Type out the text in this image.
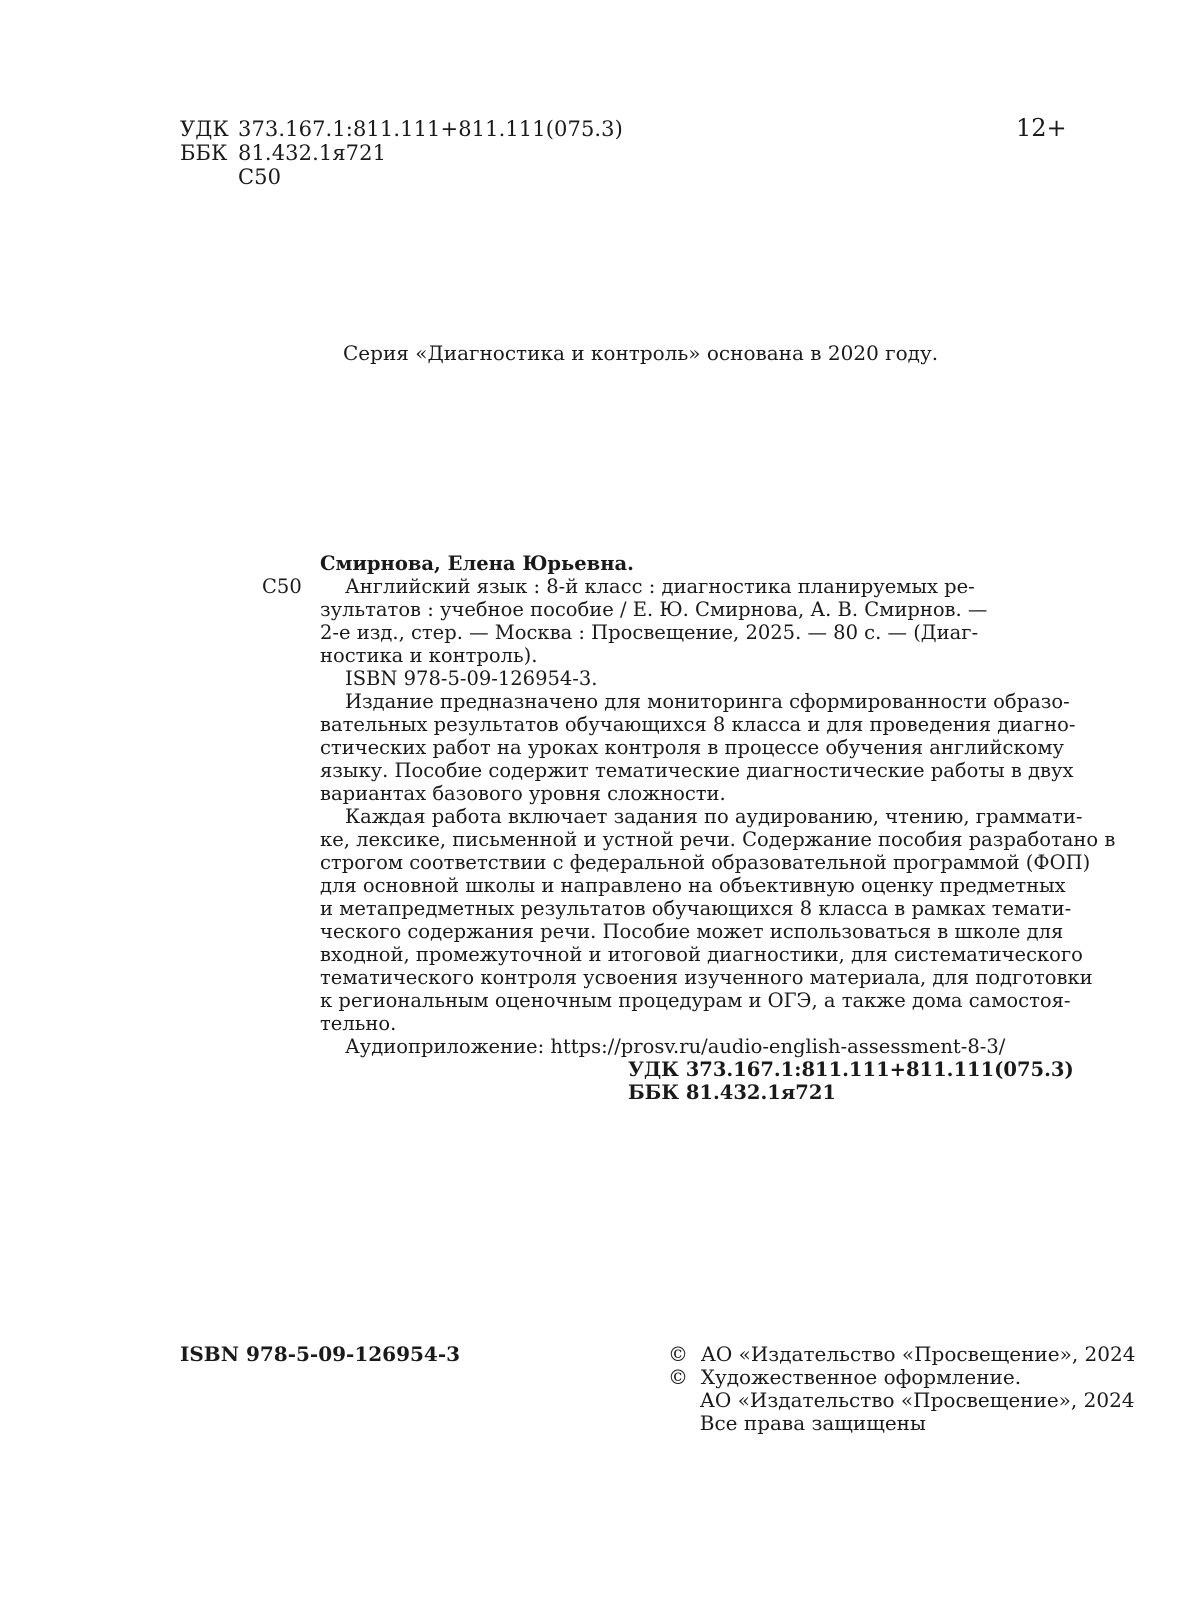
УДК 373.167.1:811.111+811.111(075.3)
ББК 81.432.1я721
С50
12+
Серия «Диагностика и контроль» основана в 2020 году.
Смирнова, Елена Юрьевна.
С50 Английский язык : 8-й класс : диагностика планируемых ре-
зультатов : учебное пособие / Е. Ю. Смирнова, А. В. Смирнов. —
2-е изд., стер. — Москва : Просвещение, 2025. — 80 с. — (Диаг-
ностика и контроль).
ISBN 978-5-09-126954-3.
Издание предназначено для мониторинга сформированности образо-
вательных результатов обучающихся 8 класса и для проведения диагно-
стических работ на уроках контроля в процессе обучения английскому
языку. Пособие содержит тематические диагностические работы в двух
вариантах базового уровня сложности.
Каждая работа включает задания по аудированию, чтению, граммати-
ке, лексике, письменной и устной речи. Содержание пособия разработано в
строгом соответствии с федеральной образовательной программой (ФОП)
для основной школы и направлено на объективную оценку предметных
и метапредметных результатов обучающихся 8 класса в рамках темати-
ческого содержания речи. Пособие может использоваться в школе для
входной, промежуточной и итоговой диагностики, для систематического
тематического контроля усвоения изученного материала, для подготовки
к региональным оценочным процедурам и ОГЭ, а также дома самостоя-
тельно.
Аудиоприложение: https://prosv.ru/audio-english-assessment-8-3/
УДК 373.167.1:811.111+811.111(075.3)
ББК 81.432.1я721
ISBN 978-5-09-126954-3	©  АО «Издательство «Просвещение», 2024
©  Художественное оформление.
АО «Издательство «Просвещение», 2024
Все права защищены
